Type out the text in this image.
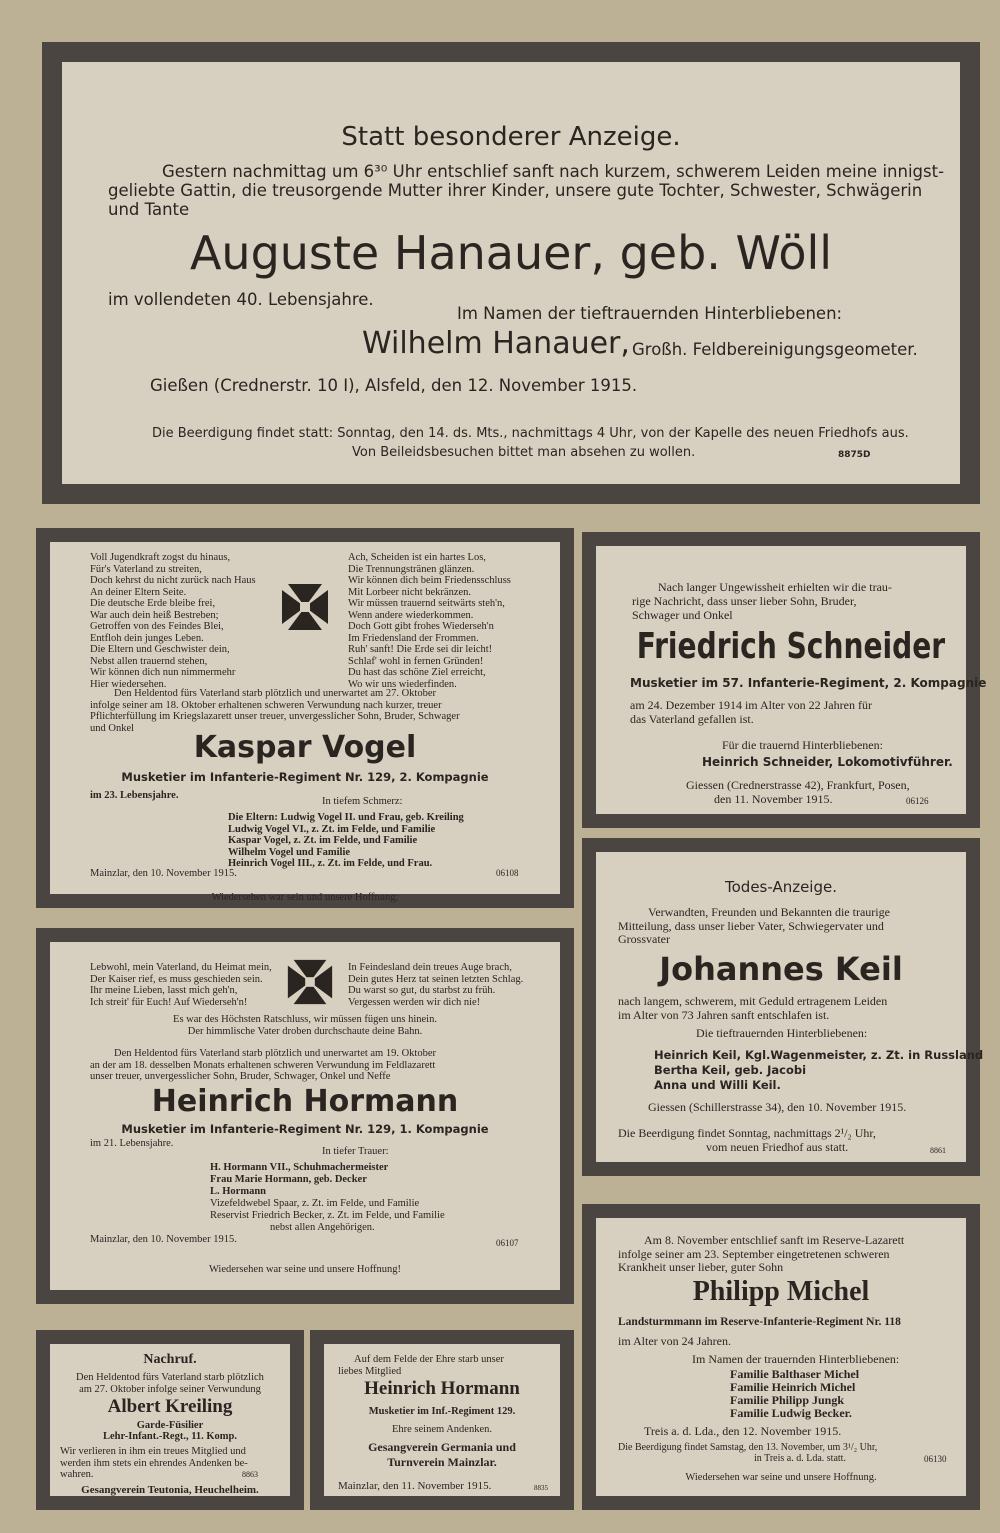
Statt besonderer Anzeige.
Gestern nachmittag um 6³⁰ Uhr entschlief sanft nach kurzem, schwerem Leiden meine innigst-
geliebte Gattin, die treusorgende Mutter ihrer Kinder, unsere gute Tochter, Schwester, Schwägerin
und Tante
Auguste Hanauer, geb. Wöll
im vollendeten 40. Lebensjahre.
Im Namen der tieftrauernden Hinterbliebenen:
Wilhelm Hanauer, Großh. Feldbereinigungsgeometer.
Gießen (Crednerstr. 10 I), Alsfeld, den 12. November 1915.
Die Beerdigung findet statt: Sonntag, den 14. ds. Mts., nachmittags 4 Uhr, von der Kapelle des neuen Friedhofs aus.
Von Beileidsbesuchen bittet man absehen zu wollen.	8875D
Voll Jugendkraft zogst du hinaus,
Für's Vaterland zu streiten,
Doch kehrst du nicht zurück nach Haus
An deiner Eltern Seite.
Die deutsche Erde bleibe frei,
War auch dein heiß Bestreben;
Getroffen von des Feindes Blei,
Entfloh dein junges Leben.
Die Eltern und Geschwister dein,
Nebst allen trauernd stehen,
Wir können dich nun nimmermehr
Hier wiedersehen.
Ach, Scheiden ist ein hartes Los,
Die Trennungstränen glänzen.
Wir können dich beim Friedensschluss
Mit Lorbeer nicht bekränzen.
Wir müssen trauernd seitwärts steh'n,
Wenn andere wiederkommen.
Doch Gott gibt frohes Wiederseh'n
Im Friedensland der Frommen.
Ruh' sanft! Die Erde sei dir leicht!
Schlaf' wohl in fernen Gründen!
Du hast das schöne Ziel erreicht,
Wo wir uns wiederfinden.
Den Heldentod fürs Vaterland starb plötzlich und unerwartet am 27. Oktober
infolge seiner am 18. Oktober erhaltenen schweren Verwundung nach kurzer, treuer
Pflichterfüllung im Kriegslazarett unser treuer, unvergesslicher Sohn, Bruder, Schwager
und Onkel
Kaspar Vogel
Musketier im Infanterie-Regiment Nr. 129, 2. Kompagnie
im 23. Lebensjahre.
In tiefem Schmerz:
Die Eltern: Ludwig Vogel II. und Frau, geb. Kreiling
Ludwig Vogel VI., z. Zt. im Felde, und Familie
Kaspar Vogel, z. Zt. im Felde, und Familie
Wilhelm Vogel und Familie
Heinrich Vogel III., z. Zt. im Felde, und Frau.
Mainzlar, den 10. November 1915.	06108
Wiedersehen war sein und unsere Hoffnung;
Nach langer Ungewissheit erhielten wir die trau-
rige Nachricht, dass unser lieber Sohn, Bruder,
Schwager und Onkel
Friedrich Schneider
Musketier im 57. Infanterie-Regiment, 2. Kompagnie
am 24. Dezember 1914 im Alter von 22 Jahren für
das Vaterland gefallen ist.
Für die trauernd Hinterbliebenen:
Heinrich Schneider, Lokomotivführer.
Giessen (Crednerstrasse 42), Frankfurt, Posen,
den 11. November 1915.	06126
Todes-Anzeige.
Verwandten, Freunden und Bekannten die traurige
Mitteilung, dass unser lieber Vater, Schwiegervater und
Grossvater
Johannes Keil
nach langem, schwerem, mit Geduld ertragenem Leiden
im Alter von 73 Jahren sanft entschlafen ist.
Die tieftrauernden Hinterbliebenen:
Heinrich Keil, Kgl.Wagenmeister, z. Zt. in Russland
Bertha Keil, geb. Jacobi
Anna und Willi Keil.
Giessen (Schillerstrasse 34), den 10. November 1915.
Die Beerdigung findet Sonntag, nachmittags 2¹/₂ Uhr,
vom neuen Friedhof aus statt.	8861
Lebwohl, mein Vaterland, du Heimat mein,
Der Kaiser rief, es muss geschieden sein.
Ihr meine Lieben, lasst mich geh'n,
Ich streit' für Euch! Auf Wiederseh'n!
In Feindesland dein treues Auge brach,
Dein gutes Herz tat seinen letzten Schlag.
Du warst so gut, du starbst zu früh.
Vergessen werden wir dich nie!
Es war des Höchsten Ratschluss, wir müssen fügen uns hinein.
Der himmlische Vater droben durchschaute deine Bahn.
Den Heldentod fürs Vaterland starb plötzlich und unerwartet am 19. Oktober
an der am 18. desselben Monats erhaltenen schweren Verwundung im Feldlazarett
unser treuer, unvergesslicher Sohn, Bruder, Schwager, Onkel und Neffe
Heinrich Hormann
Musketier im Infanterie-Regiment Nr. 129, 1. Kompagnie
im 21. Lebensjahre.
In tiefer Trauer:
H. Hormann VII., Schuhmachermeister
Frau Marie Hormann, geb. Decker
L. Hormann
Vizefeldwebel Spaar, z. Zt. im Felde, und Familie
Reservist Friedrich Becker, z. Zt. im Felde, und Familie
nebst allen Angehörigen.
Mainzlar, den 10. November 1915.	06107
Wiedersehen war seine und unsere Hoffnung!
Nachruf.
Den Heldentod fürs Vaterland starb plötzlich
am 27. Oktober infolge seiner Verwundung
Albert Kreiling
Garde-Füsilier
Lehr-Infant.-Regt., 11. Komp.
Wir verlieren in ihm ein treues Mitglied und
werden ihm stets ein ehrendes Andenken be-
wahren.	8863
Gesangverein Teutonia, Heuchelheim.
Auf dem Felde der Ehre starb unser
liebes Mitglied
Heinrich Hormann
Musketier im Inf.-Regiment 129.
Ehre seinem Andenken.
Gesangverein Germania und
Turnverein Mainzlar.
Mainzlar, den 11. November 1915.	8835
Am 8. November entschlief sanft im Reserve-Lazarett
infolge seiner am 23. September eingetretenen schweren
Krankheit unser lieber, guter Sohn
Philipp Michel
Landsturmmann im Reserve-Infanterie-Regiment Nr. 118
im Alter von 24 Jahren.
Im Namen der trauernden Hinterbliebenen:
Familie Balthaser Michel
Familie Heinrich Michel
Familie Philipp Jungk
Familie Ludwig Becker.
Treis a. d. Lda., den 12. November 1915.
Die Beerdigung findet Samstag, den 13. November, um 3¹/₂ Uhr,
in Treis a. d. Lda. statt.	06130
Wiedersehen war seine und unsere Hoffnung.
